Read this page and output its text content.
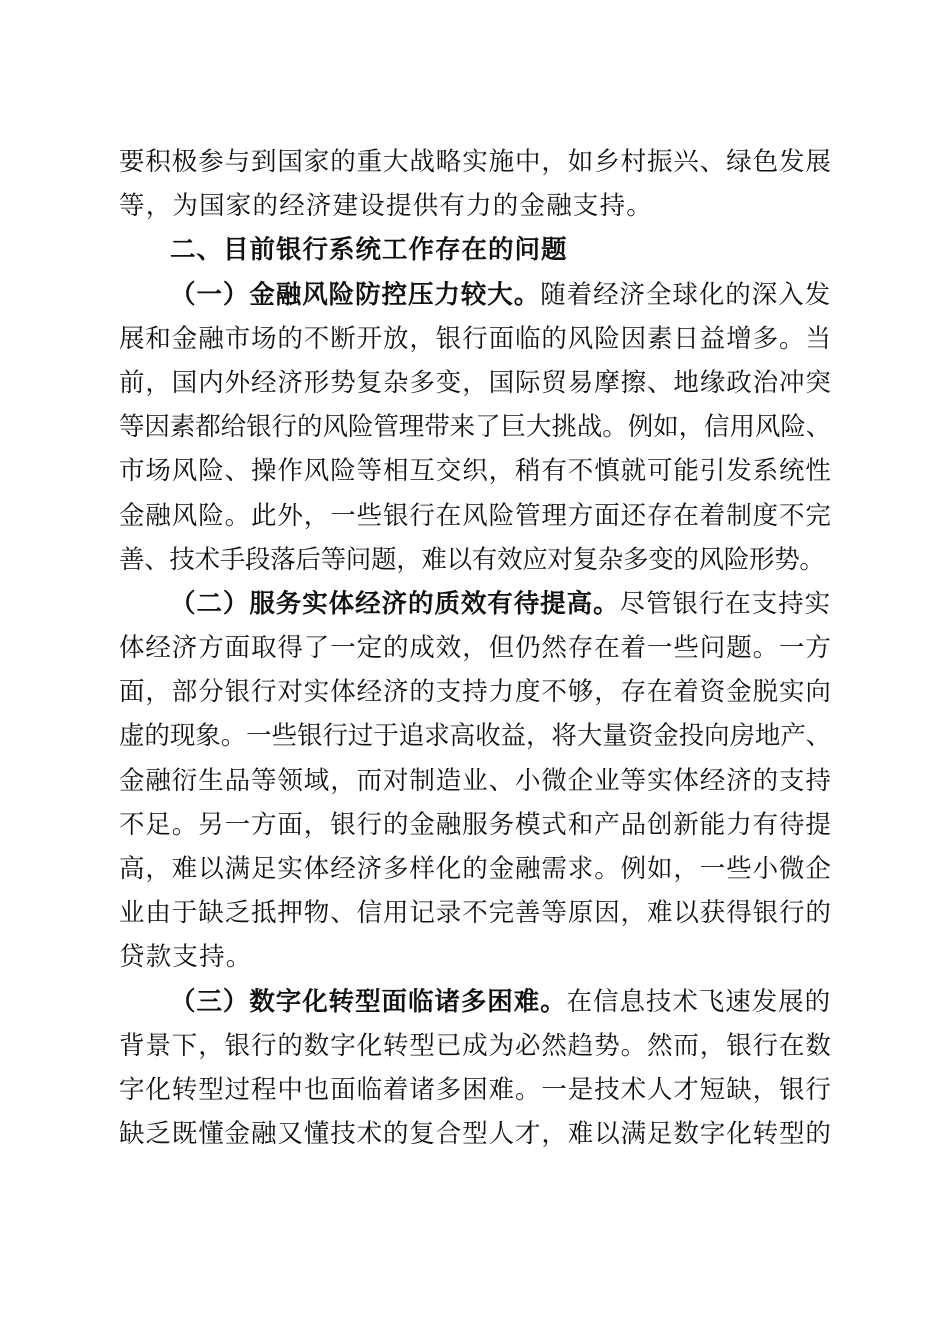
要积极参与到国家的重大战略实施中，如乡村振兴、绿色发展
等，为国家的经济建设提供有力的金融支持。
二、目前银行系统工作存在的问题
（一）金融风险防控压力较大。随着经济全球化的深入发
展和金融市场的不断开放，银行面临的风险因素日益增多。当
前，国内外经济形势复杂多变，国际贸易摩擦、地缘政治冲突
等因素都给银行的风险管理带来了巨大挑战。例如，信用风险、
市场风险、操作风险等相互交织，稍有不慎就可能引发系统性
金融风险。此外，一些银行在风险管理方面还存在着制度不完
善、技术手段落后等问题，难以有效应对复杂多变的风险形势。
（二）服务实体经济的质效有待提高。尽管银行在支持实
体经济方面取得了一定的成效，但仍然存在着一些问题。一方
面，部分银行对实体经济的支持力度不够，存在着资金脱实向
虚的现象。一些银行过于追求高收益，将大量资金投向房地产、
金融衍生品等领域，而对制造业、小微企业等实体经济的支持
不足。另一方面，银行的金融服务模式和产品创新能力有待提
高，难以满足实体经济多样化的金融需求。例如，一些小微企
业由于缺乏抵押物、信用记录不完善等原因，难以获得银行的
贷款支持。
（三）数字化转型面临诸多困难。在信息技术飞速发展的
背景下，银行的数字化转型已成为必然趋势。然而，银行在数
字化转型过程中也面临着诸多困难。一是技术人才短缺，银行
缺乏既懂金融又懂技术的复合型人才，难以满足数字化转型的
